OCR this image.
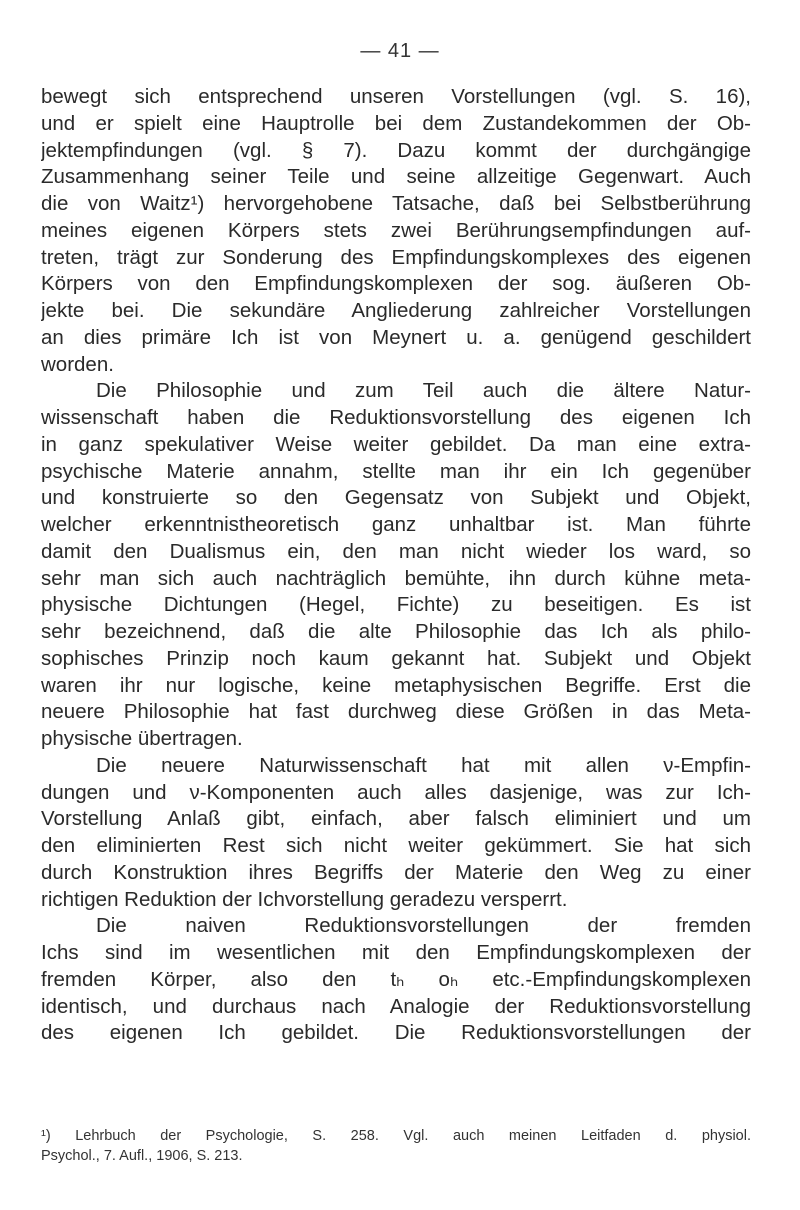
— 41 —
bewegt sich entsprechend unseren Vorstellungen (vgl. S. 16),
und er spielt eine Hauptrolle bei dem Zustandekommen der Ob-
jektempfindungen (vgl. § 7). Dazu kommt der durchgängige
Zusammenhang seiner Teile und seine allzeitige Gegenwart. Auch
die von Waitz¹) hervorgehobene Tatsache, daß bei Selbstberührung
meines eigenen Körpers stets zwei Berührungsempfindungen auf-
treten, trägt zur Sonderung des Empfindungskomplexes des eigenen
Körpers von den Empfindungskomplexen der sog. äußeren Ob-
jekte bei. Die sekundäre Angliederung zahlreicher Vorstellungen
an dies primäre Ich ist von Meynert u. a. genügend geschildert
worden.
Die Philosophie und zum Teil auch die ältere Natur-
wissenschaft haben die Reduktionsvorstellung des eigenen Ich
in ganz spekulativer Weise weiter gebildet. Da man eine extra-
psychische Materie annahm, stellte man ihr ein Ich gegenüber
und konstruierte so den Gegensatz von Subjekt und Objekt,
welcher erkenntnistheoretisch ganz unhaltbar ist. Man führte
damit den Dualismus ein, den man nicht wieder los ward, so
sehr man sich auch nachträglich bemühte, ihn durch kühne meta-
physische Dichtungen (Hegel, Fichte) zu beseitigen. Es ist
sehr bezeichnend, daß die alte Philosophie das Ich als philo-
sophisches Prinzip noch kaum gekannt hat. Subjekt und Objekt
waren ihr nur logische, keine metaphysischen Begriffe. Erst die
neuere Philosophie hat fast durchweg diese Größen in das Meta-
physische übertragen.
Die neuere Naturwissenschaft hat mit allen ν-Empfin-
dungen und ν-Komponenten auch alles dasjenige, was zur Ich-
Vorstellung Anlaß gibt, einfach, aber falsch eliminiert und um
den eliminierten Rest sich nicht weiter gekümmert. Sie hat sich
durch Konstruktion ihres Begriffs der Materie den Weg zu einer
richtigen Reduktion der Ichvorstellung geradezu versperrt.
Die naiven Reduktionsvorstellungen der fremden
Ichs sind im wesentlichen mit den Empfindungskomplexen der
fremden Körper, also den tₕ oₕ etc.-Empfindungskomplexen
identisch, und durchaus nach Analogie der Reduktionsvorstellung
des eigenen Ich gebildet. Die Reduktionsvorstellungen der
¹) Lehrbuch der Psychologie, S. 258. Vgl. auch meinen Leitfaden d. physiol.
Psychol., 7. Aufl., 1906, S. 213.
